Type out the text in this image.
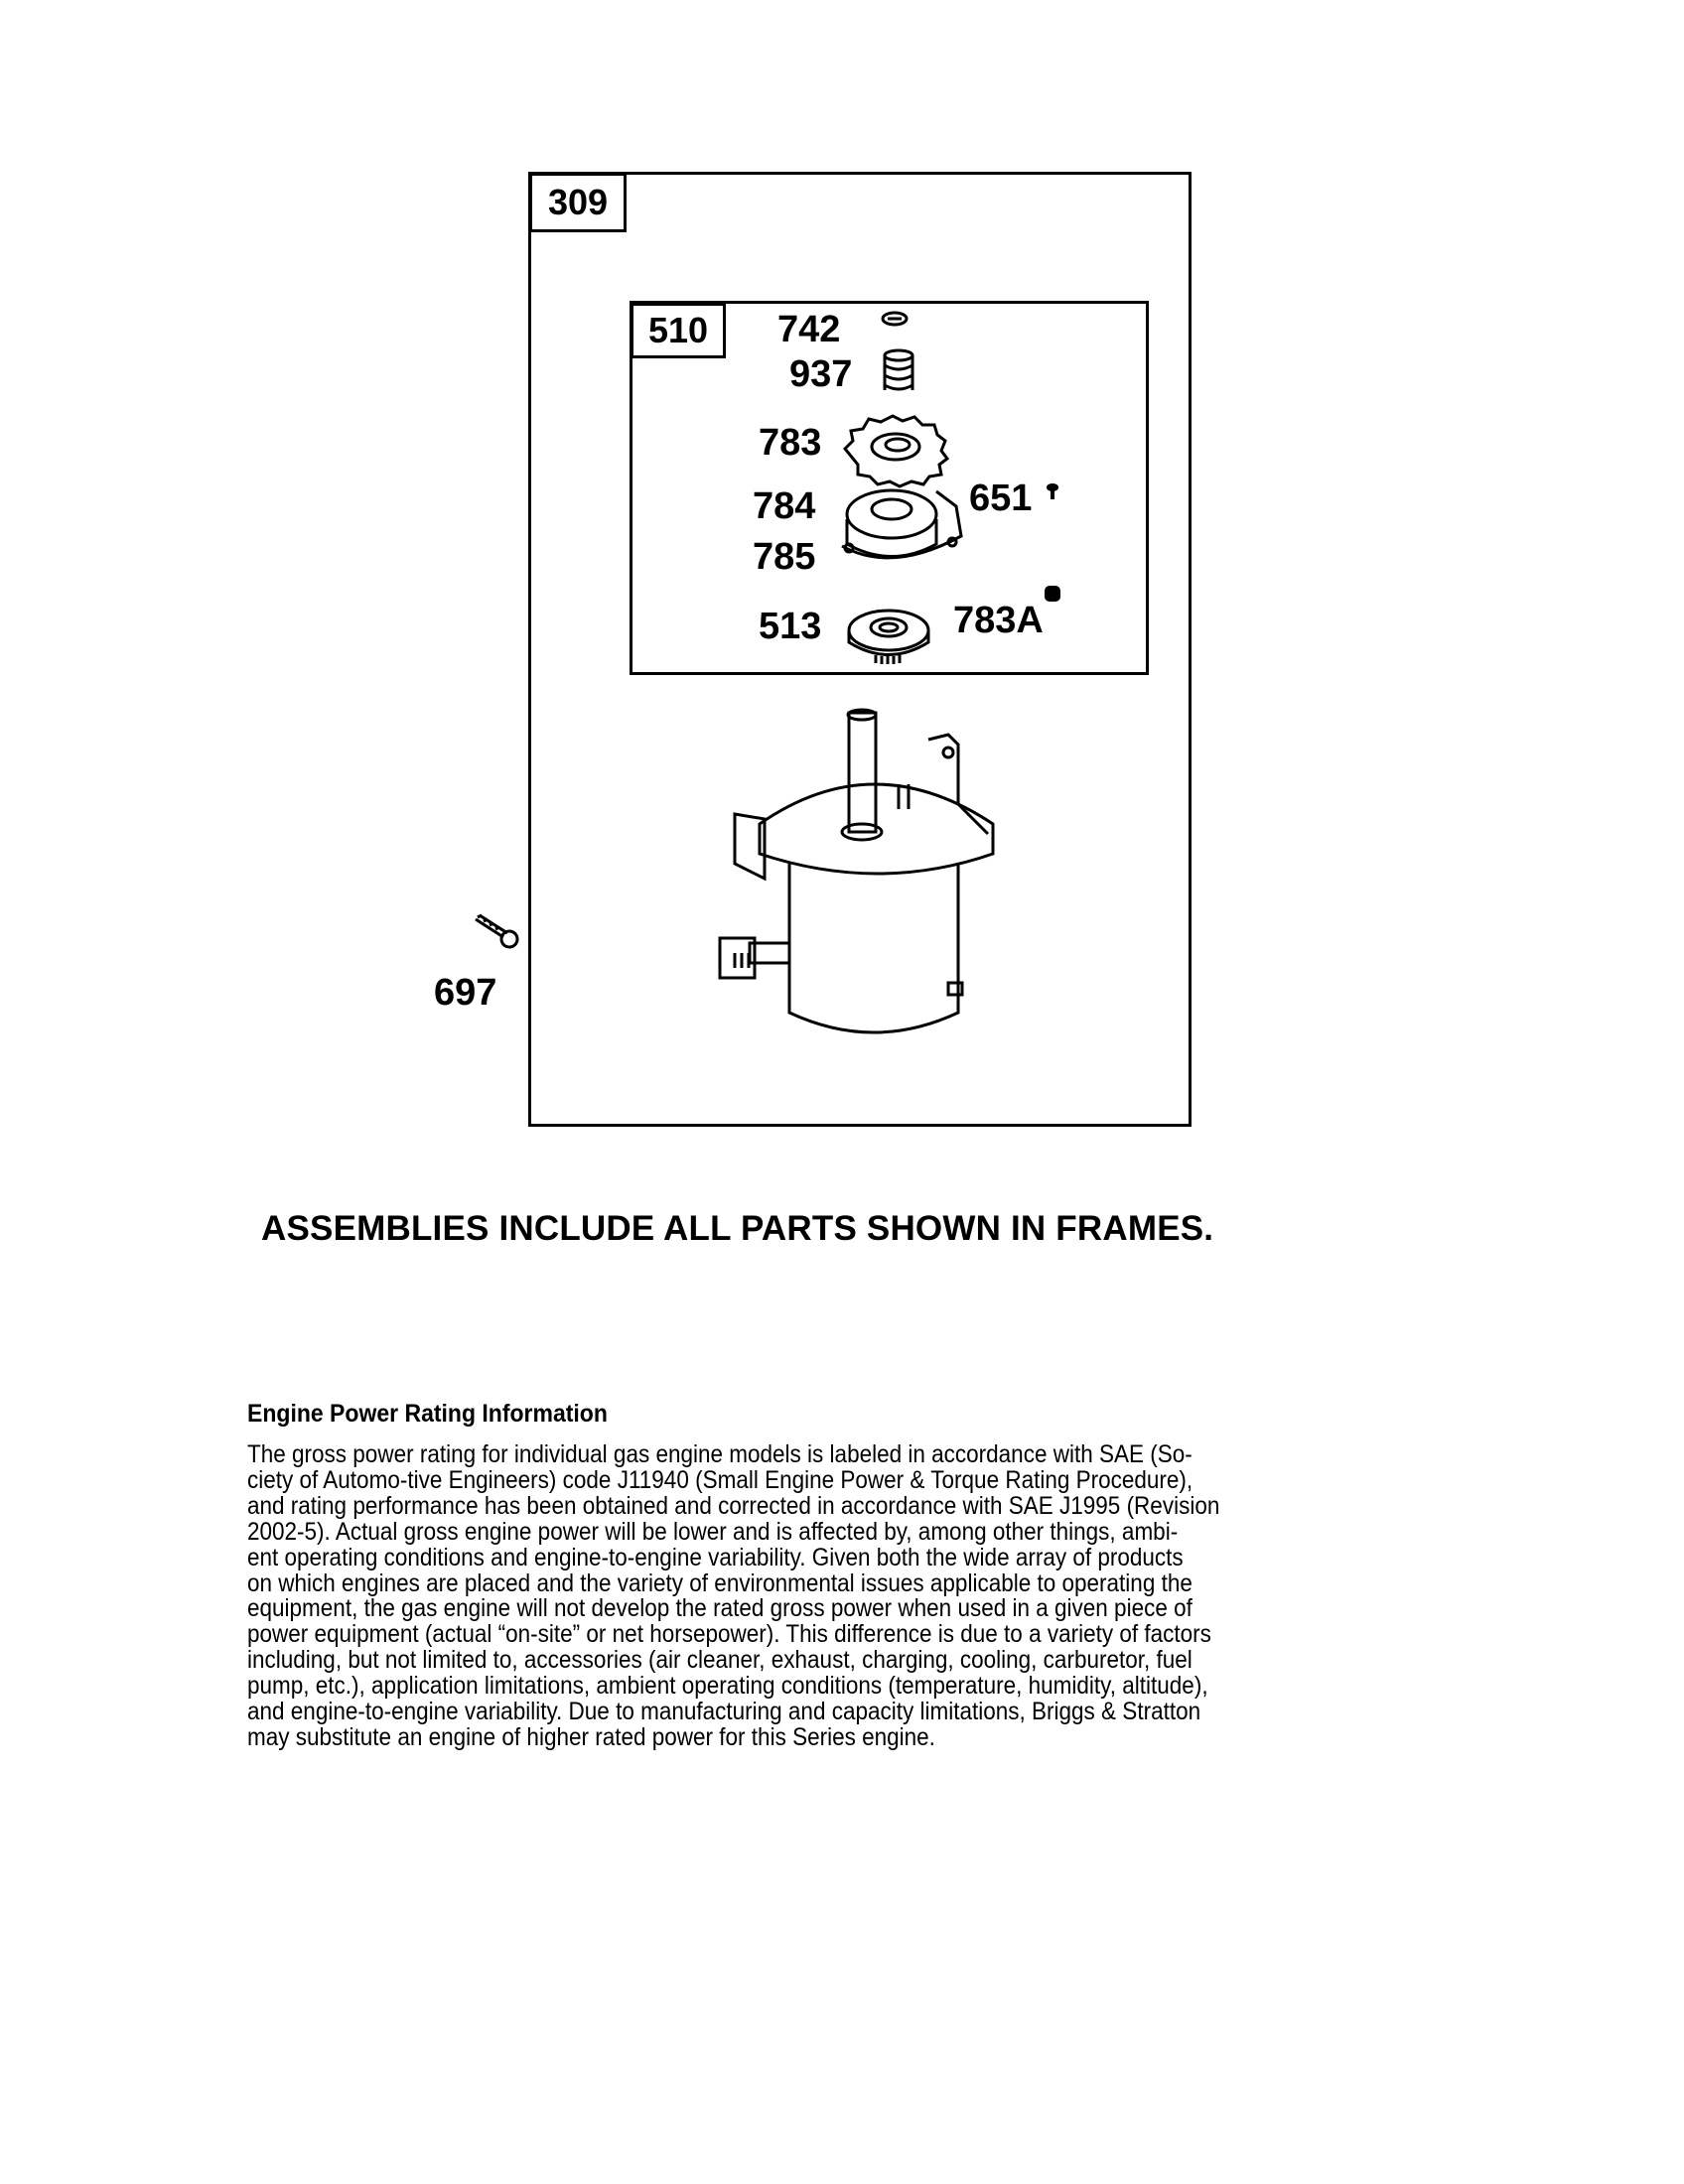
309
510	742
937
783
784	651
785
513	783A
697
ASSEMBLIES INCLUDE ALL PARTS SHOWN IN FRAMES.
Engine Power Rating Information
The gross power rating for individual gas engine models is labeled in accordance with SAE (So-
ciety of Automo-tive Engineers) code J11940 (Small Engine Power & Torque Rating Procedure),
and rating performance has been obtained and corrected in accordance with SAE J1995 (Revision
2002-5). Actual gross engine power will be lower and is affected by, among other things, ambi-
ent operating conditions and engine-to-engine variability. Given both the wide array of products
on which engines are placed and the variety of environmental issues applicable to operating the
equipment, the gas engine will not develop the rated gross power when used in a given piece of
power equipment (actual “on-site” or net horsepower). This difference is due to a variety of factors
including, but not limited to, accessories (air cleaner, exhaust, charging, cooling, carburetor, fuel
pump, etc.), application limitations, ambient operating conditions (temperature, humidity, altitude),
and engine-to-engine variability. Due to manufacturing and capacity limitations, Briggs & Stratton
may substitute an engine of higher rated power for this Series engine.
